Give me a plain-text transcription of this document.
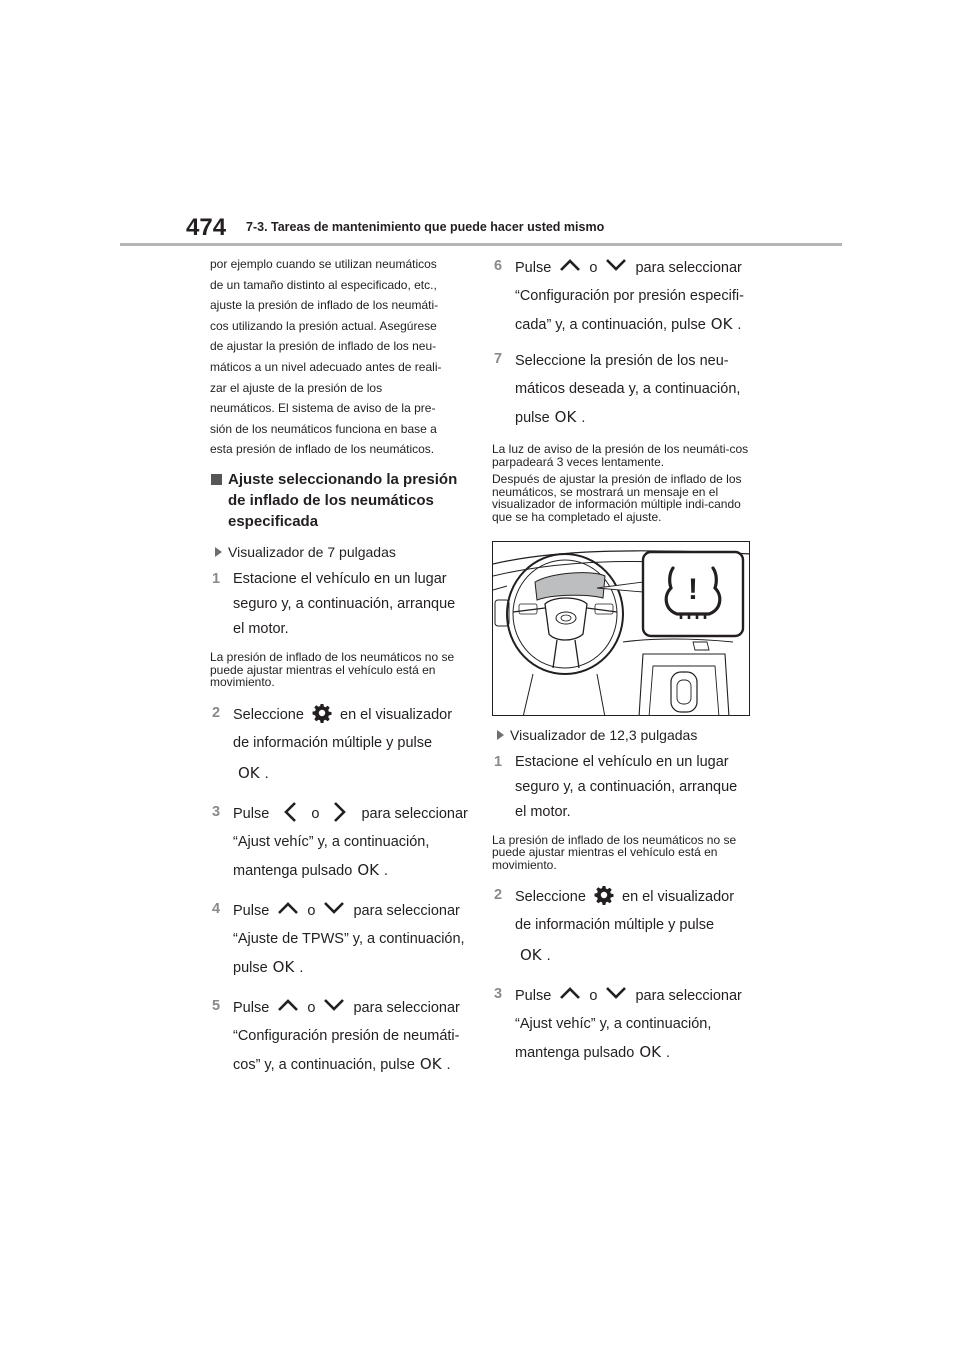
474 7-3. Tareas de mantenimiento que puede hacer usted mismo
por ejemplo cuando se utilizan neumáticos
de un tamaño distinto al especificado, etc.,
ajuste la presión de inflado de los neumáti-
cos utilizando la presión actual. Asegúrese
de ajustar la presión de inflado de los neu-
máticos a un nivel adecuado antes de reali-
zar el ajuste de la presión de los
neumáticos. El sistema de aviso de la pre-
sión de los neumáticos funciona en base a
esta presión de inflado de los neumáticos.
Ajuste seleccionando la presión
de inflado de los neumáticos
especificada
Visualizador de 7 pulgadas
1 Estacione el vehículo en un lugar
seguro y, a continuación, arranque
el motor.
La presión de inflado de los neumáticos no se puede ajustar mientras el vehículo está en movimiento.
2 Seleccione en el visualizador
de información múltiple y pulse
OK .
3 Pulse	o	para seleccionar
“Ajust vehíc” y, a continuación,
mantenga pulsado OK .
4 Pulse	o	para seleccionar
“Ajuste de TPWS” y, a continuación,
pulse OK .
5 Pulse	o	para seleccionar
“Configuración presión de neumáti-
cos” y, a continuación, pulse OK .
6 Pulse	o	para seleccionar
“Configuración por presión especifi-
cada” y, a continuación, pulse OK .
7 Seleccione la presión de los neu-
máticos deseada y, a continuación,
pulse OK .
La luz de aviso de la presión de los neumáti-cos parpadeará 3 veces lentamente.
Después de ajustar la presión de inflado de los neumáticos, se mostrará un mensaje en el visualizador de información múltiple indi-cando que se ha completado el ajuste.
!
Visualizador de 12,3 pulgadas
1 Estacione el vehículo en un lugar
seguro y, a continuación, arranque
el motor.
La presión de inflado de los neumáticos no se puede ajustar mientras el vehículo está en movimiento.
2 Seleccione en el visualizador
de información múltiple y pulse
OK .
3 Pulse	o	para seleccionar
“Ajust vehíc” y, a continuación,
mantenga pulsado OK .
